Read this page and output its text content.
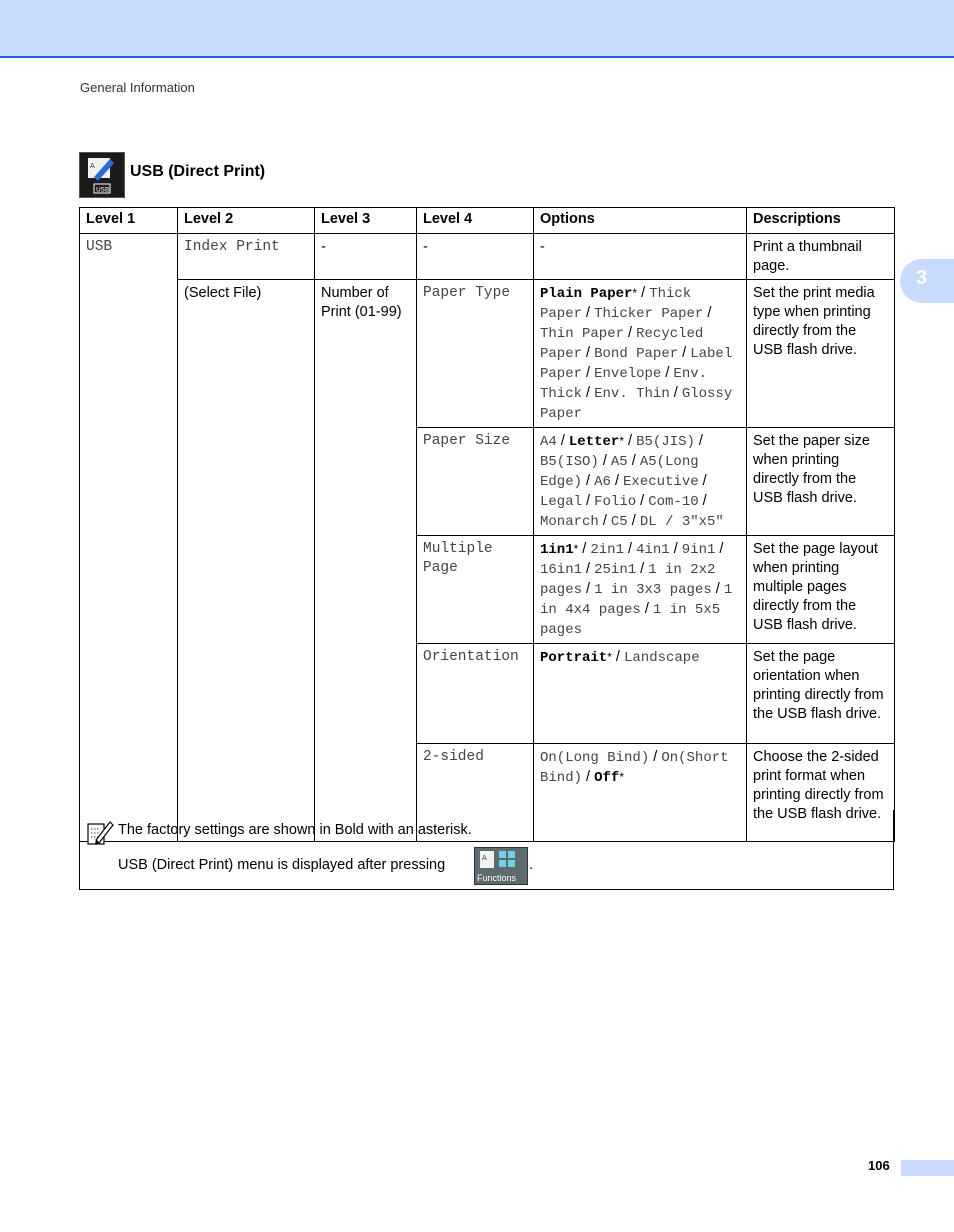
General Information
3
A
USB
USB (Direct Print)
Level 1	Level 2	Level 3	Level 4	Options	Descriptions
USB	Index Print	-	-	-	Print a thumbnail page.
	(Select File)	Number of Print (01-99)	Paper Type	Plain Paper* / Thick Paper / Thicker Paper / Thin Paper / Recycled Paper / Bond Paper / Label Paper / Envelope / Env. Thick / Env. Thin / Glossy Paper	Set the print media type when printing directly from the USB flash drive.
			Paper Size	A4 / Letter* / B5(JIS) / B5(ISO) / A5 / A5(Long Edge) / A6 / Executive / Legal / Folio / Com-10 / Monarch / C5 / DL / 3"x5"	Set the paper size when printing directly from the USB flash drive.
			Multiple Page	1in1* / 2in1 / 4in1 / 9in1 / 16in1 / 25in1 / 1 in 2x2 pages / 1 in 3x3 pages / 1 in 4x4 pages / 1 in 5x5 pages	Set the page layout when printing multiple pages directly from the USB flash drive.
			Orientation	Portrait* / Landscape	Set the page orientation when printing directly from the USB flash drive.
			2-sided	On(Long Bind) / On(Short Bind) / Off*	Choose the 2-sided print format when printing directly from the USB flash drive.
The factory settings are shown in Bold with an asterisk.
USB (Direct Print) menu is displayed after pressing	A
Functions
.
106
